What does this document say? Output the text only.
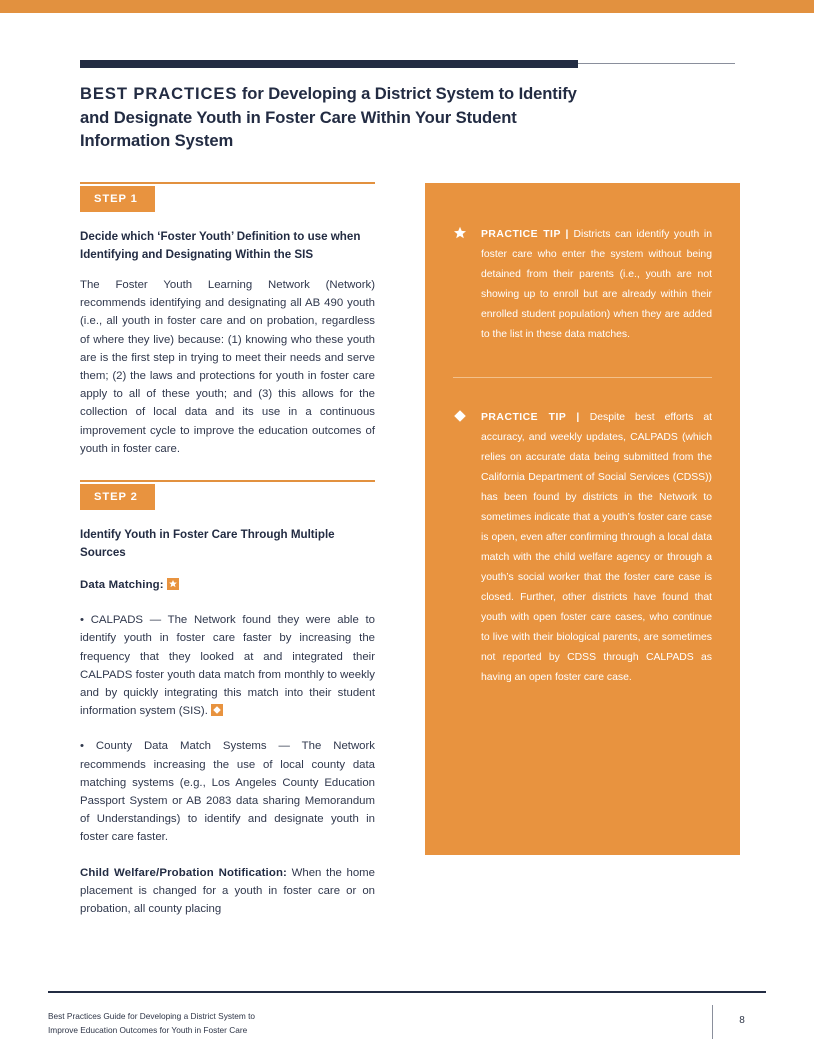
BEST PRACTICES for Developing a District System to Identify and Designate Youth in Foster Care Within Your Student Information System
STEP 1
Decide which ‘Foster Youth’ Definition to use when Identifying and Designating Within the SIS

The Foster Youth Learning Network (Network) recommends identifying and designating all AB 490 youth (i.e., all youth in foster care and on probation, regardless of where they live) because: (1) knowing who these youth are is the first step in trying to meet their needs and serve them; (2) the laws and protections for youth in foster care apply to all of these youth; and (3) this allows for the collection of local data and its use in a continuous improvement cycle to improve the education outcomes of youth in foster care.

STEP 2
Identify Youth in Foster Care Through Multiple Sources

Data Matching:

• CALPADS — The Network found they were able to identify youth in foster care faster by increasing the frequency that they looked at and integrated their CALPADS foster youth data match from monthly to weekly and by quickly integrating this match into their student information system (SIS).

• County Data Match Systems — The Network recommends increasing the use of local county data matching systems (e.g., Los Angeles County Education Passport System or AB 2083 data sharing Memorandum of Understandings) to identify and designate youth in foster care faster.

Child Welfare/Probation Notification: When the home placement is changed for a youth in foster care or on probation, all county placing

PRACTICE TIP | Districts can identify youth in foster care who enter the system without being detained from their parents (i.e., youth are not showing up to enroll but are already within their enrolled student population) when they are added to the list in these data matches.

PRACTICE TIP | Despite best efforts at accuracy, and weekly updates, CALPADS (which relies on accurate data being submitted from the California Department of Social Services (CDSS)) has been found by districts in the Network to sometimes indicate that a youth’s foster care case is open, even after confirming through a local data match with the child welfare agency or through a youth’s social worker that the foster care case is closed. Further, other districts have found that youth with open foster care cases, who continue to live with their biological parents, are sometimes not reported by CDSS through CALPADS as having an open foster care case.

Best Practices Guide for Developing a District System to
Improve Education Outcomes for Youth in Foster Care
8
